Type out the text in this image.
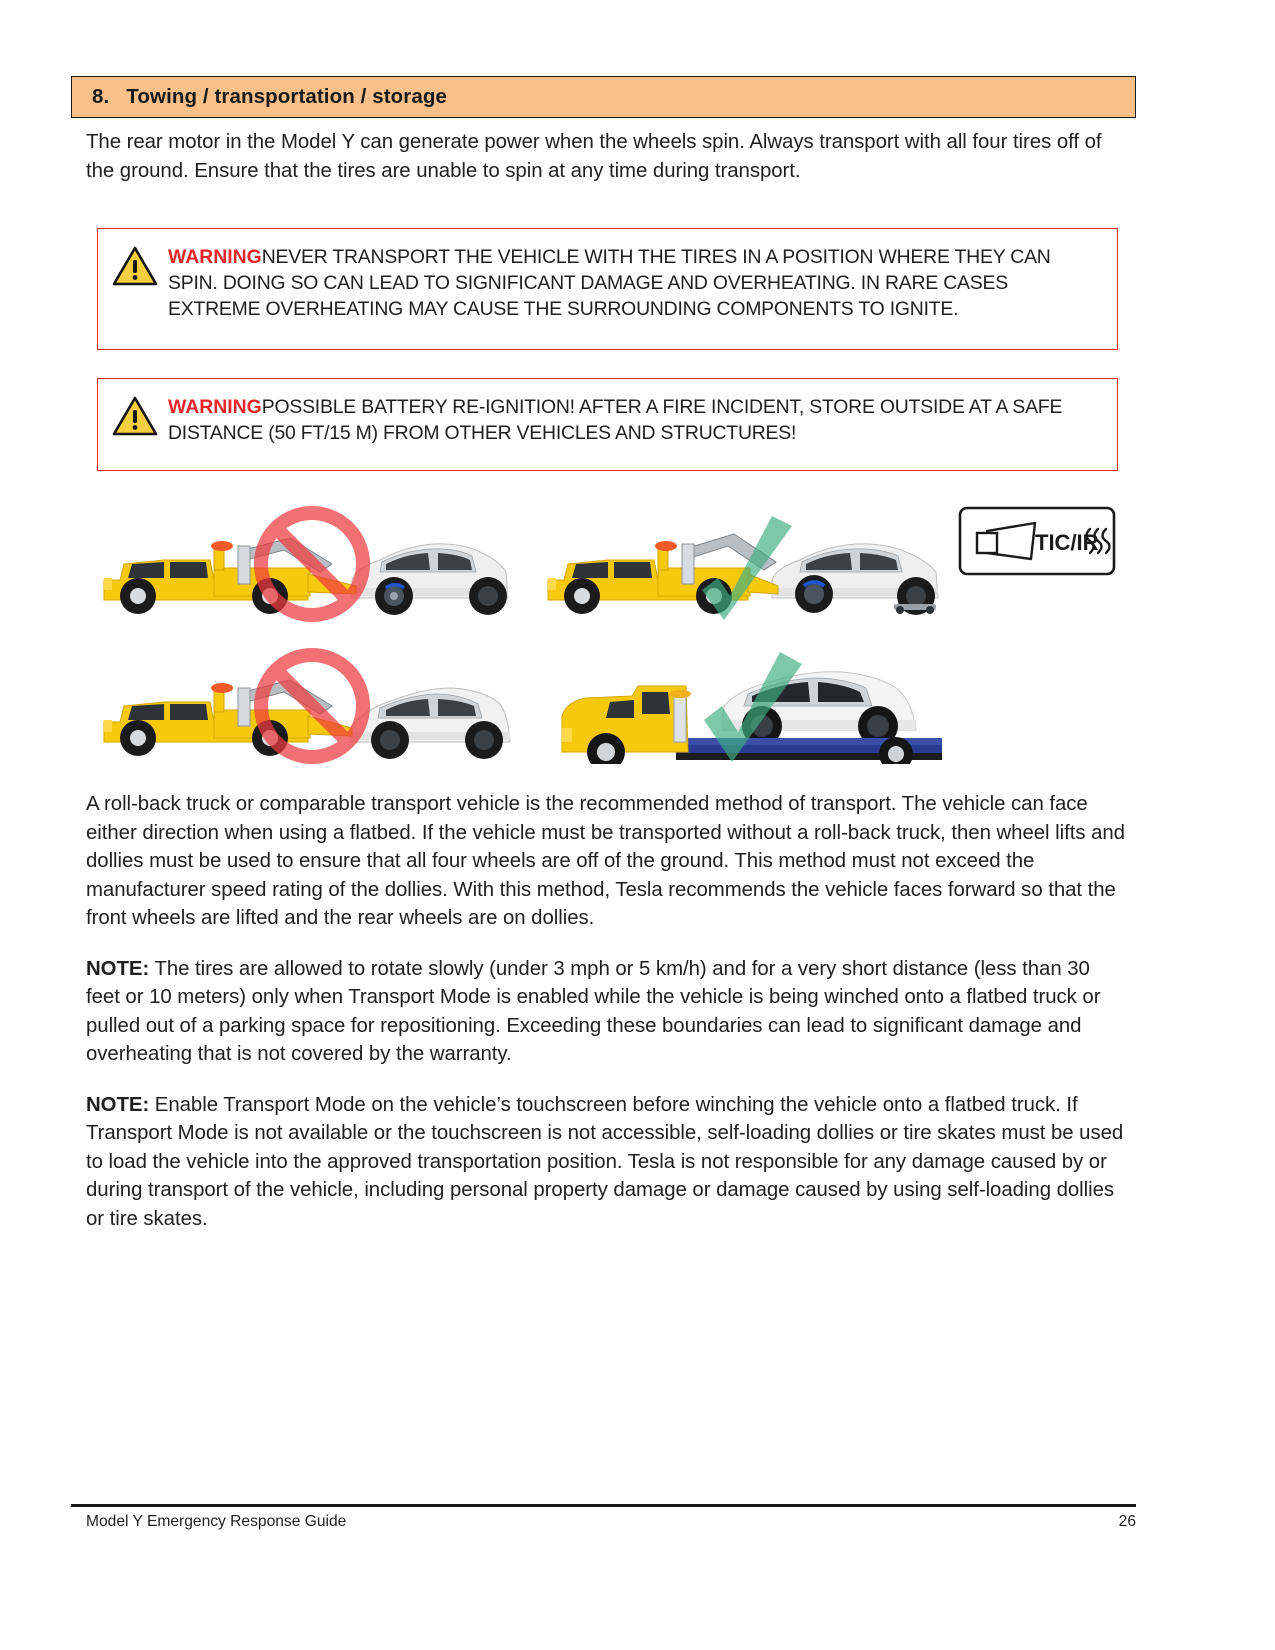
8. Towing / transportation / storage

The rear motor in the Model Y can generate power when the wheels spin. Always transport with all four tires off of the ground. Ensure that the tires are unable to spin at any time during transport.

WARNINGNEVER TRANSPORT THE VEHICLE WITH THE TIRES IN A POSITION WHERE THEY CAN SPIN. DOING SO CAN LEAD TO SIGNIFICANT DAMAGE AND OVERHEATING. IN RARE CASES EXTREME OVERHEATING MAY CAUSE THE SURROUNDING COMPONENTS TO IGNITE.
WARNINGPOSSIBLE BATTERY RE-IGNITION! AFTER A FIRE INCIDENT, STORE OUTSIDE AT A SAFE DISTANCE (50 FT/15 M) FROM OTHER VEHICLES AND STRUCTURES!
TIC/IR

A roll-back truck or comparable transport vehicle is the recommended method of transport. The vehicle can face either direction when using a flatbed. If the vehicle must be transported without a roll-back truck, then wheel lifts and dollies must be used to ensure that all four wheels are off of the ground. This method must not exceed the manufacturer speed rating of the dollies. With this method, Tesla recommends the vehicle faces forward so that the front wheels are lifted and the rear wheels are on dollies.

NOTE: The tires are allowed to rotate slowly (under 3 mph or 5 km/h) and for a very short distance (less than 30 feet or 10 meters) only when Transport Mode is enabled while the vehicle is being winched onto a flatbed truck or pulled out of a parking space for repositioning. Exceeding these boundaries can lead to significant damage and overheating that is not covered by the warranty.

NOTE: Enable Transport Mode on the vehicle’s touchscreen before winching the vehicle onto a flatbed truck. If Transport Mode is not available or the touchscreen is not accessible, self-loading dollies or tire skates must be used to load the vehicle into the approved transportation position. Tesla is not responsible for any damage caused by or during transport of the vehicle, including personal property damage or damage caused by using self-loading dollies or tire skates.

Model Y Emergency Response Guide	26
